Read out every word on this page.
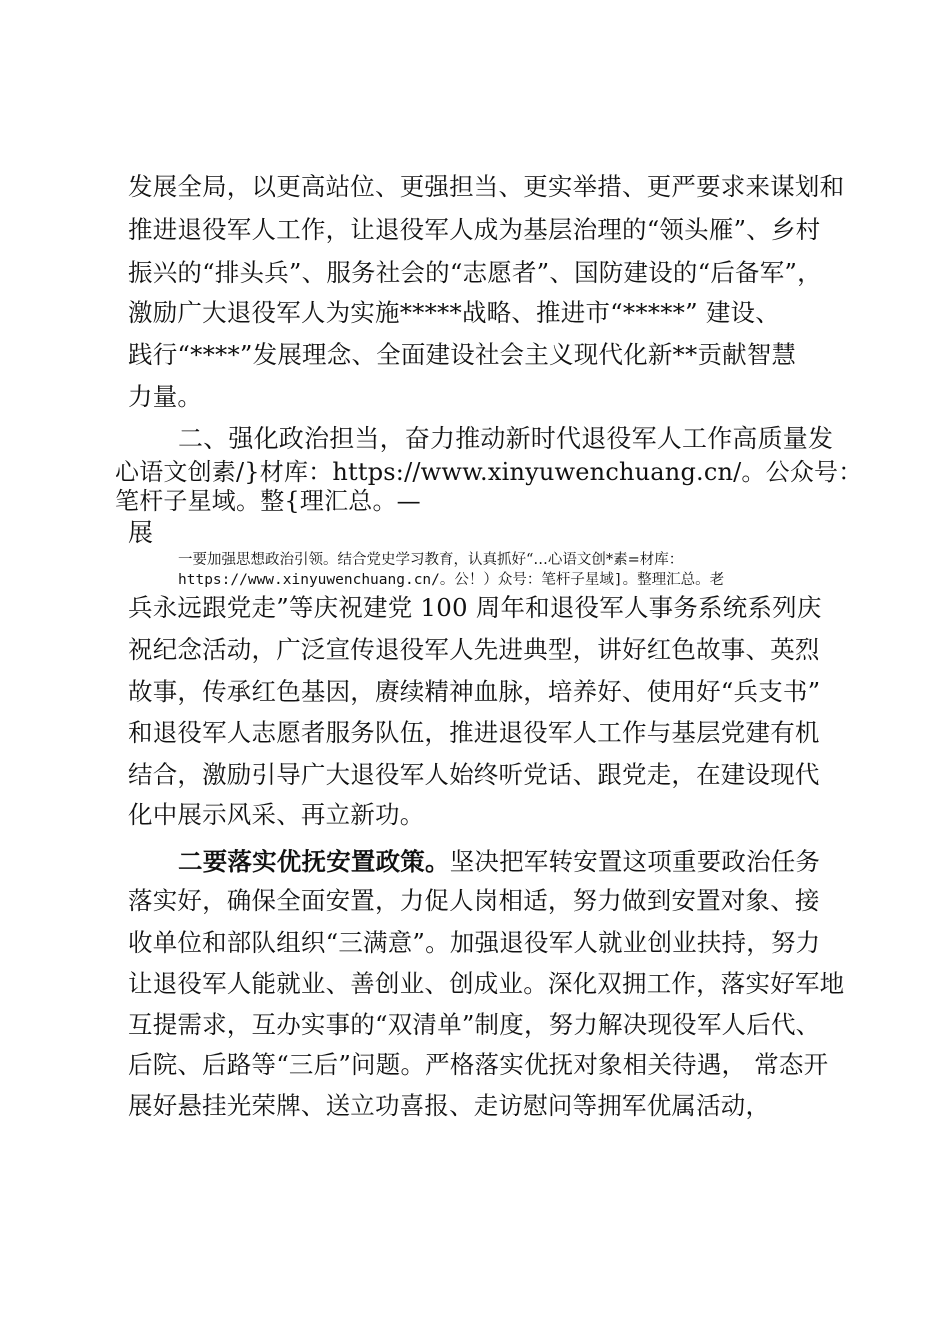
发展全局，以更高站位、更强担当、更实举措、更严要求来谋划和
推进退役军人工作，让退役军人成为基层治理的“领头雁”、乡村
振兴的“排头兵”、服务社会的“志愿者”、国防建设的“后备军”，
激励广大退役军人为实施*****战略、推进市“*****” 建设、
践行“****”发展理念、全面建设社会主义现代化新**贡献智慧
力量。
二、强化政治担当，奋力推动新时代退役军人工作高质量发
心语文创素/}材库：https://www.xinyuwenchuang.cn/。公众号：
笔杆子星域。整{理汇总。—
展
一要加强思想政治引领。结合党史学习教育，认真抓好“…心语文创*素=材库：
https://www.xinyuwenchuang.cn/。公！）众号：笔杆子星域]。整理汇总。老
兵永远跟党走”等庆祝建党 100 周年和退役军人事务系统系列庆
祝纪念活动，广泛宣传退役军人先进典型，讲好红色故事、英烈
故事，传承红色基因，赓续精神血脉，培养好、使用好“兵支书”
和退役军人志愿者服务队伍，推进退役军人工作与基层党建有机
结合，激励引导广大退役军人始终听党话、跟党走，在建设现代
化中展示风采、再立新功。
二要落实优抚安置政策。坚决把军转安置这项重要政治任务
落实好，确保全面安置，力促人岗相适，努力做到安置对象、接
收单位和部队组织“三满意”。加强退役军人就业创业扶持，努力
让退役军人能就业、善创业、创成业。深化双拥工作，落实好军地
互提需求，互办实事的“双清单”制度，努力解决现役军人后代、
后院、后路等“三后”问题。严格落实优抚对象相关待遇， 常态开
展好悬挂光荣牌、送立功喜报、走访慰问等拥军优属活动，
